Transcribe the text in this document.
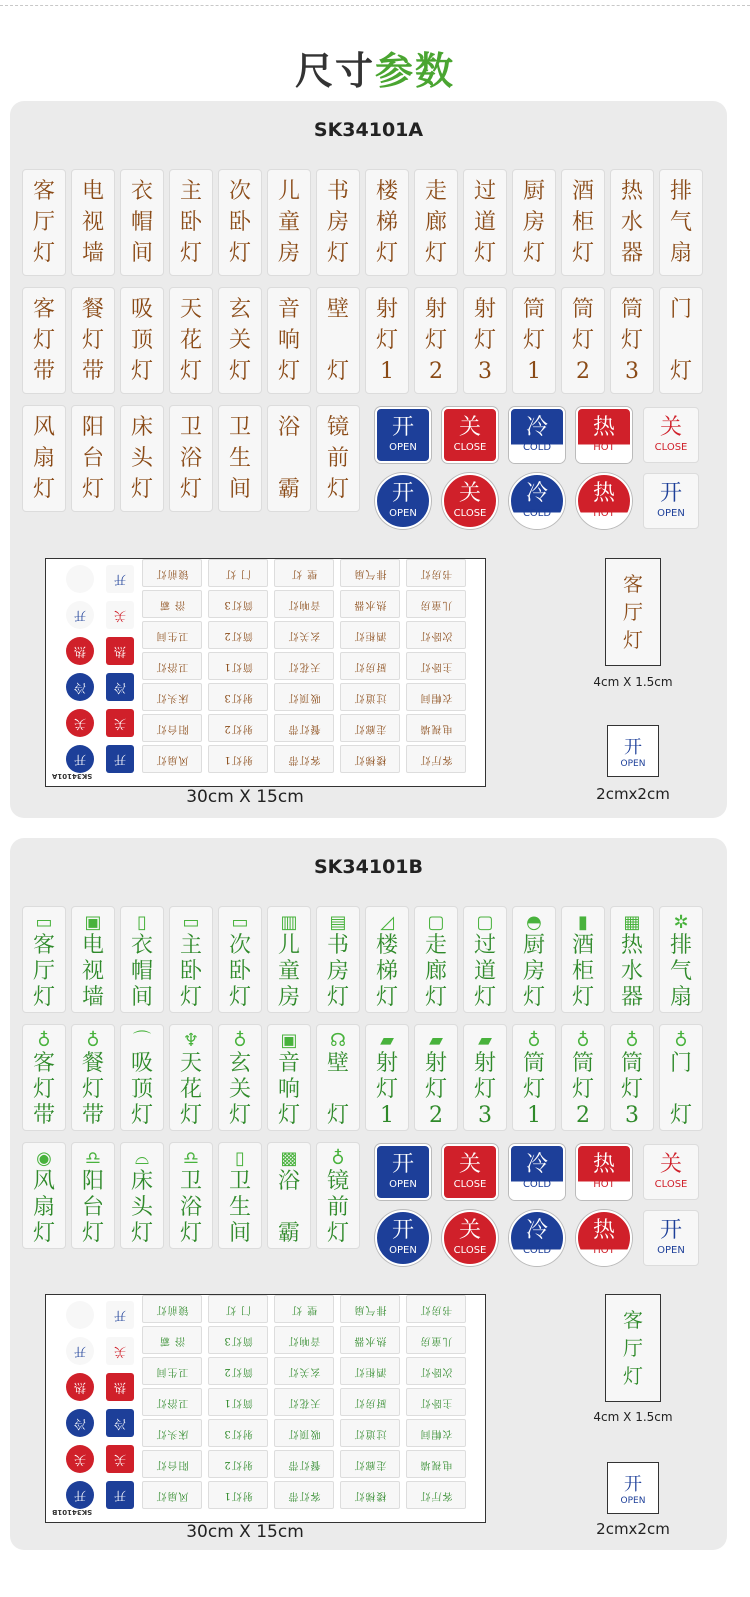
尺寸参数
SK34101A
客
厅
灯
电
视
墙
衣
帽
间
主
卧
灯
次
卧
灯
儿
童
房
书
房
灯
楼
梯
灯
走
廊
灯
过
道
灯
厨
房
灯
酒
柜
灯
热
水
器
排
气
扇
客
灯
带
餐
灯
带
吸
顶
灯
天
花
灯
玄
关
灯
音
响
灯
壁

灯
射
灯
1
射
灯
2
射
灯
3
筒
灯
1
筒
灯
2
筒
灯
3
门

灯
风
扇
灯
阳
台
灯
床
头
灯
卫
浴
灯
卫
生
间
浴

霸
镜
前
灯
开
OPEN
关
CLOSE
冷
COLD
热
HOT
关
CLOSE
开
OPEN
关
CLOSE
冷
COLD
热
HOT
开
OPEN
客厅灯
电视墙
衣帽间
主卧灯
次卧灯
儿童房
书房灯
楼梯灯
走廊灯
过道灯
厨房灯
酒柜灯
热水器
排气扇
客灯带
餐灯带
吸顶灯
天花灯
玄关灯
音响灯
壁 灯
射灯1
射灯2
射灯3
筒灯1
筒灯2
筒灯3
门 灯
风扇灯
阳台灯
床头灯
卫浴灯
卫生间
浴 霸
镜前灯
开
开
关
关
冷
冷
热
热
关
开
开
SK34101A
30cm X 15cm
客
厅
灯
4cm X 1.5cm
开
OPEN
2cmx2cm
SK34101B
▭
客
厅
灯
▣
电
视
墙
▯
衣
帽
间
▭
主
卧
灯
▭
次
卧
灯
▥
儿
童
房
▤
书
房
灯
◿
楼
梯
灯
▢
走
廊
灯
▢
过
道
灯
◓
厨
房
灯
▮
酒
柜
灯
▦
热
水
器
✲
排
气
扇
♁
客
灯
带
♁
餐
灯
带
⌒
吸
顶
灯
♆
天
花
灯
♁
玄
关
灯
▣
音
响
灯
☊
壁

灯
▰
射
灯
1
▰
射
灯
2
▰
射
灯
3
♁
筒
灯
1
♁
筒
灯
2
♁
筒
灯
3
♁
门

灯
◉
风
扇
灯
♎
阳
台
灯
⌓
床
头
灯
♎
卫
浴
灯
▯
卫
生
间
▩
浴

霸
♁
镜
前
灯
开
OPEN
关
CLOSE
冷
COLD
热
HOT
关
CLOSE
开
OPEN
关
CLOSE
冷
COLD
热
HOT
开
OPEN
客厅灯
电视墙
衣帽间
主卧灯
次卧灯
儿童房
书房灯
楼梯灯
走廊灯
过道灯
厨房灯
酒柜灯
热水器
排气扇
客灯带
餐灯带
吸顶灯
天花灯
玄关灯
音响灯
壁 灯
射灯1
射灯2
射灯3
筒灯1
筒灯2
筒灯3
门 灯
风扇灯
阳台灯
床头灯
卫浴灯
卫生间
浴 霸
镜前灯
开
开
关
关
冷
冷
热
热
关
开
开
SK34101B
30cm X 15cm
客
厅
灯
4cm X 1.5cm
开
OPEN
2cmx2cm
